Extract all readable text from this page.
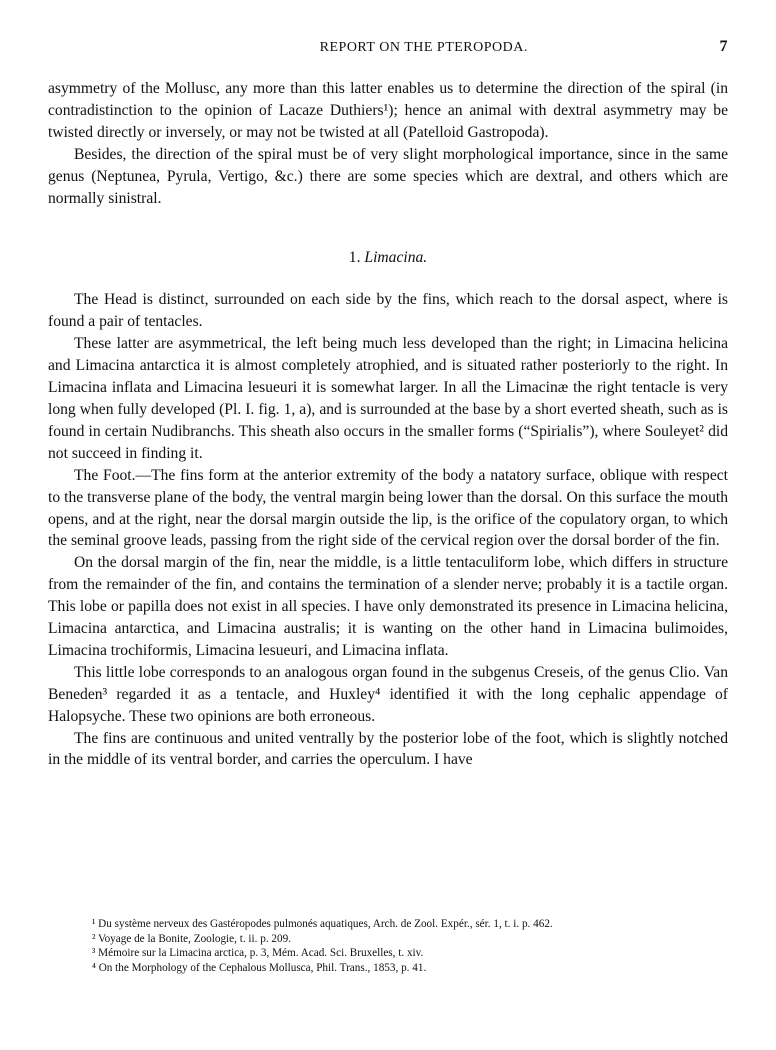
REPORT ON THE PTEROPODA.	7

asymmetry of the Mollusc, any more than this latter enables us to determine the direction of the spiral (in contradistinction to the opinion of Lacaze Duthiers¹); hence an animal with dextral asymmetry may be twisted directly or inversely, or may not be twisted at all (Patelloid Gastropoda).

Besides, the direction of the spiral must be of very slight morphological importance, since in the same genus (Neptunea, Pyrula, Vertigo, &c.) there are some species which are dextral, and others which are normally sinistral.

1. Limacina.

The Head is distinct, surrounded on each side by the fins, which reach to the dorsal aspect, where is found a pair of tentacles.

These latter are asymmetrical, the left being much less developed than the right; in Limacina helicina and Limacina antarctica it is almost completely atrophied, and is situated rather posteriorly to the right. In Limacina inflata and Limacina lesueuri it is somewhat larger. In all the Limacinæ the right tentacle is very long when fully developed (Pl. I. fig. 1, a), and is surrounded at the base by a short everted sheath, such as is found in certain Nudibranchs. This sheath also occurs in the smaller forms (“Spirialis”), where Souleyet² did not succeed in finding it.

The Foot.—The fins form at the anterior extremity of the body a natatory surface, oblique with respect to the transverse plane of the body, the ventral margin being lower than the dorsal. On this surface the mouth opens, and at the right, near the dorsal margin outside the lip, is the orifice of the copulatory organ, to which the seminal groove leads, passing from the right side of the cervical region over the dorsal border of the fin.

On the dorsal margin of the fin, near the middle, is a little tentaculiform lobe, which differs in structure from the remainder of the fin, and contains the termination of a slender nerve; probably it is a tactile organ. This lobe or papilla does not exist in all species. I have only demonstrated its presence in Limacina helicina, Limacina antarctica, and Limacina australis; it is wanting on the other hand in Limacina bulimoides, Limacina trochiformis, Limacina lesueuri, and Limacina inflata.

This little lobe corresponds to an analogous organ found in the subgenus Creseis, of the genus Clio. Van Beneden³ regarded it as a tentacle, and Huxley⁴ identified it with the long cephalic appendage of Halopsyche. These two opinions are both erroneous.

The fins are continuous and united ventrally by the posterior lobe of the foot, which is slightly notched in the middle of its ventral border, and carries the operculum. I have

¹ Du système nerveux des Gastéropodes pulmonés aquatiques, Arch. de Zool. Expér., sér. 1, t. i. p. 462.
² Voyage de la Bonite, Zoologie, t. ii. p. 209.
³ Mémoire sur la Limacina arctica, p. 3, Mém. Acad. Sci. Bruxelles, t. xiv.
⁴ On the Morphology of the Cephalous Mollusca, Phil. Trans., 1853, p. 41.
